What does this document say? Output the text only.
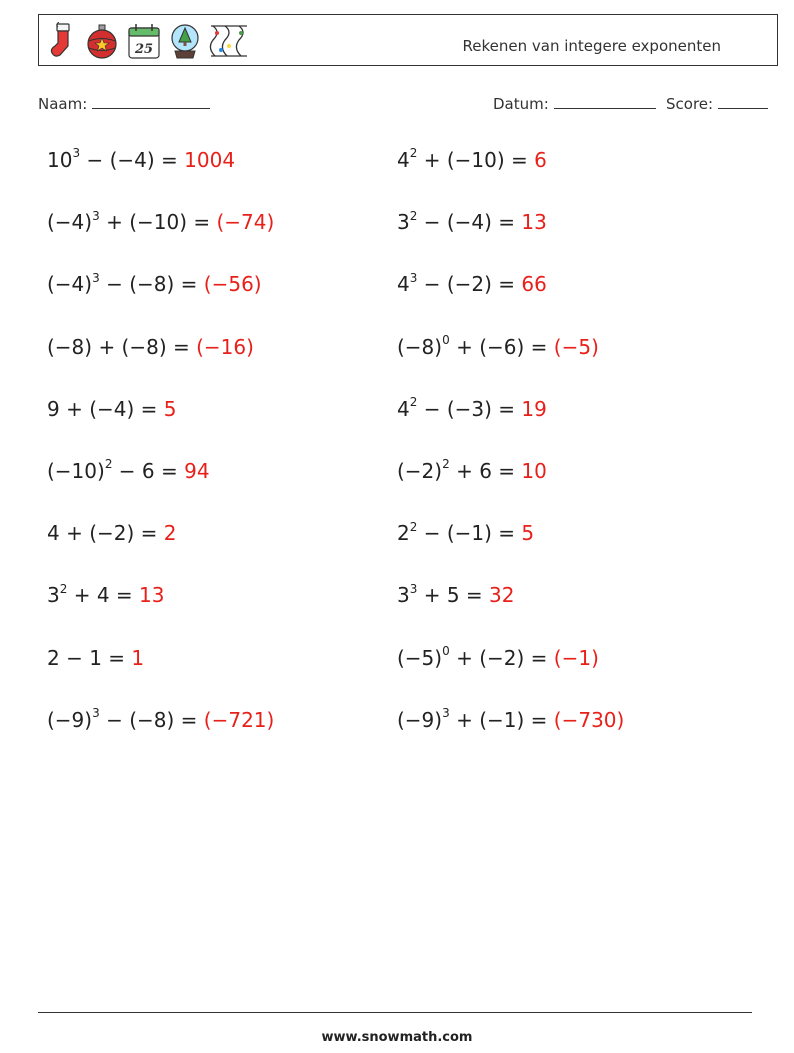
25	Rekenen van integere exponenten
Naam:	Datum:	Score:
$10^3 - (-4) = 1004$
$(-4)^3 + (-10) = (-74)$
$(-4)^3 - (-8) = (-56)$
(−8) + (−8) = (−16)
9 + (−4) = 5
$(-10)^2 - 6 = 94$
4 + (−2) = 2
$3^2 + 4 = 13$
2 − 1 = 1
$(-9)^3 - (-8) = (-721)$
$4^2 + (-10) = 6$
$3^2 - (-4) = 13$
$4^3 - (-2) = 66$
$(-8)^0 + (-6) = (-5)$
$4^2 - (-3) = 19$
$(-2)^2 + 6 = 10$
$2^2 - (-1) = 5$
$3^3 + 5 = 32$
$(-5)^0 + (-2) = (-1)$
$(-9)^3 + (-1) = (-730)$
www.snowmath.com
